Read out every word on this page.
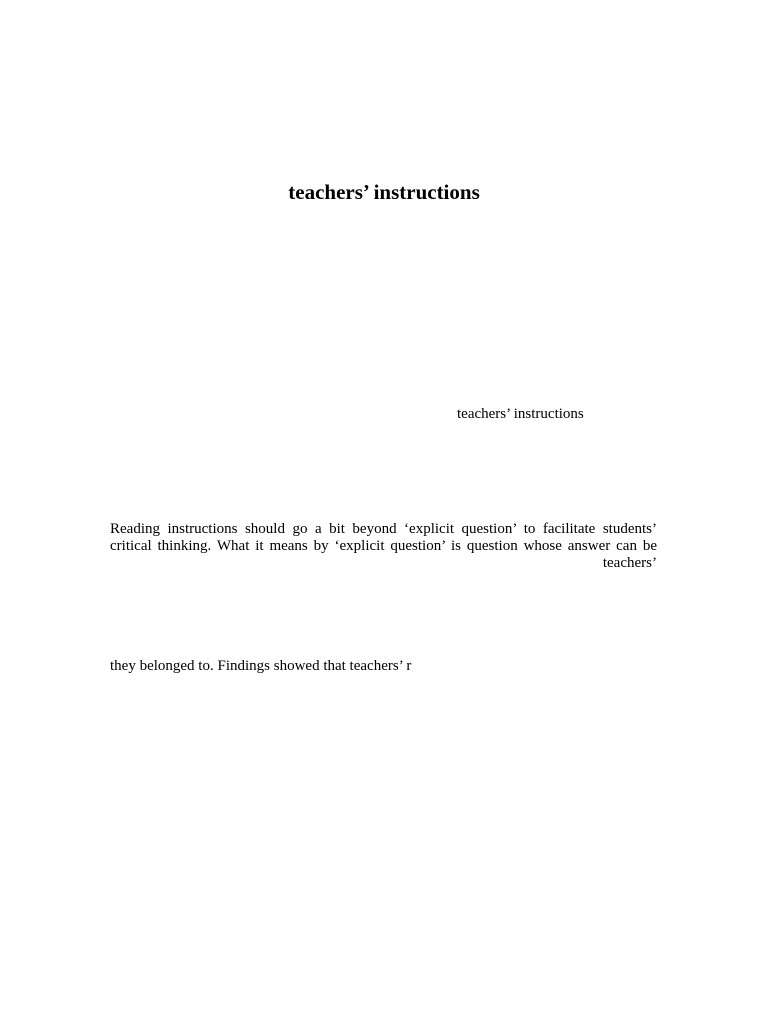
teachers’ instructions
teachers’ instructions
Reading instructions should go a bit beyond ‘explicit question’ to facilitate students’
critical thinking. What it means by ‘explicit question’ is question whose answer can be
teachers’
they belonged to. Findings showed that teachers’ r
